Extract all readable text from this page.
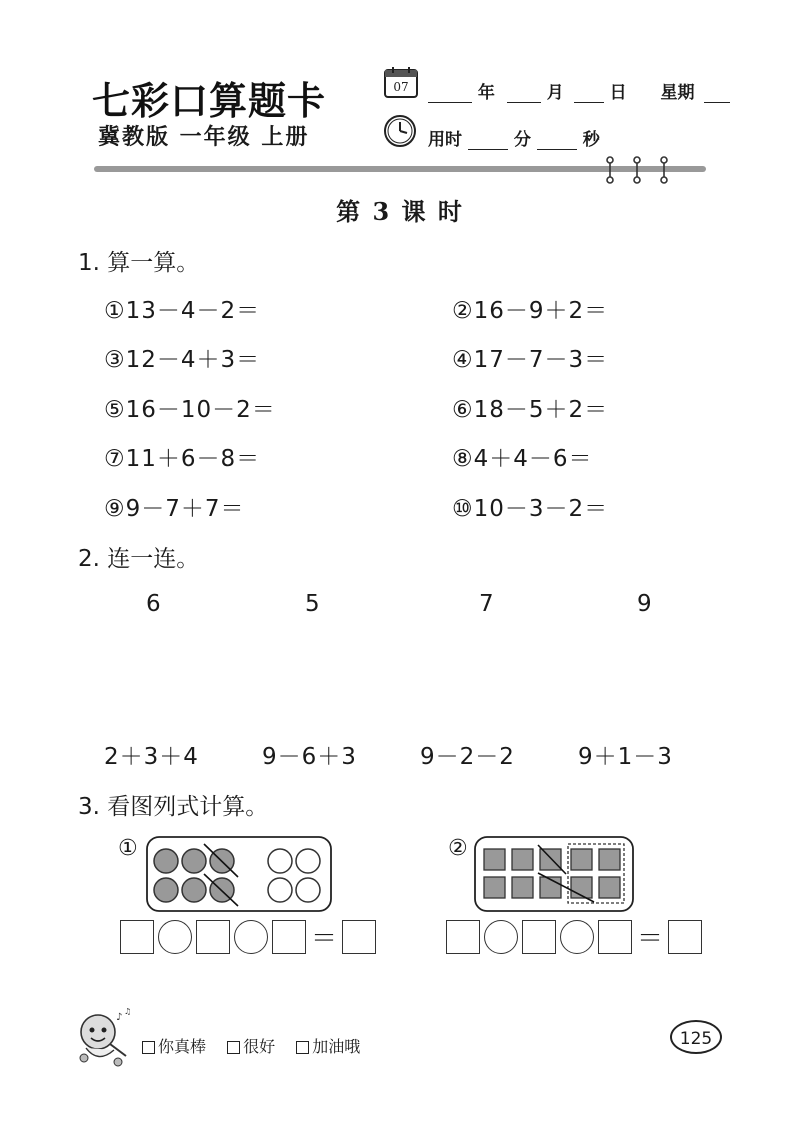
七彩口算题卡
冀教版 一年级 上册
07	年	月	日 星期
用时	分	秒
第 3 课 时
1. 算一算。
①13－4－2＝	②16－9＋2＝
③12－4＋3＝	④17－7－3＝
⑤16－10－2＝	⑥18－5＋2＝
⑦11＋6－8＝	⑧4＋4－6＝
⑨9－7＋7＝	⑩10－3－2＝
2. 连一连。
6	5	7	9
2＋3＋4	9－6＋3	9－2－2	9＋1－3
3. 看图列式计算。
①
＝
②
＝
♪
♫
你真棒 很好 加油哦	125
